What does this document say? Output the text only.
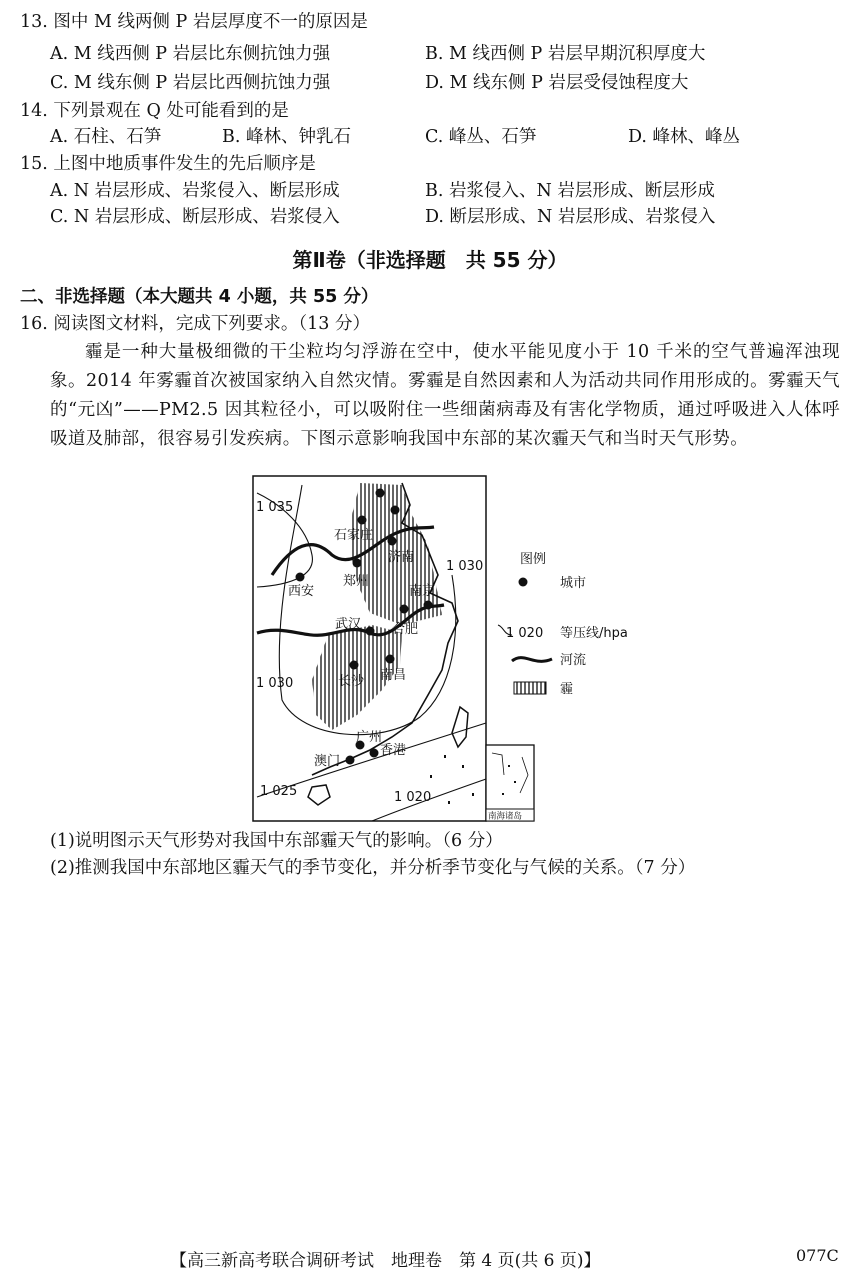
13. 图中 M 线两侧 P 岩层厚度不一的原因是
A. M 线西侧 P 岩层比东侧抗蚀力强	B. M 线西侧 P 岩层早期沉积厚度大
C. M 线东侧 P 岩层比西侧抗蚀力强	D. M 线东侧 P 岩层受侵蚀程度大
14. 下列景观在 Q 处可能看到的是
A. 石柱、石笋	B. 峰林、钟乳石	C. 峰丛、石笋	D. 峰林、峰丛
15. 上图中地质事件发生的先后顺序是
A. N 岩层形成、岩浆侵入、断层形成	B. 岩浆侵入、N 岩层形成、断层形成
C. N 岩层形成、断层形成、岩浆侵入	D. 断层形成、N 岩层形成、岩浆侵入
第Ⅱ卷（非选择题　共 55 分）
二、非选择题（本大题共 4 小题，共 55 分）
16. 阅读图文材料，完成下列要求。（13 分）
霾是一种大量极细微的干尘粒均匀浮游在空中，使水平能见度小于 10 千米的空气普遍浑浊现象。2014 年雾霾首次被国家纳入自然灾情。雾霾是自然因素和人为活动共同作用形成的。雾霾天气的“元凶”——PM2.5 因其粒径小，可以吸附住一些细菌病毒及有害化学物质，通过呼吸进入人体呼吸道及肺部，很容易引发疾病。下图示意影响我国中东部的某次霾天气和当时天气形势。
石家庄
济南
郑州
西安	南京
武汉 合肥
长沙 南昌
广州
香港
澳门
1 035
1 030
1 030
1 025	1 020
南海诸岛
图例
城市
1 020 等压线/hpa
河流
霾
(1)说明图示天气形势对我国中东部霾天气的影响。（6 分）
(2)推测我国中东部地区霾天气的季节变化，并分析季节变化与气候的关系。（7 分）
【高三新高考联合调研考试　地理卷　第 4 页(共 6 页)】	077C
